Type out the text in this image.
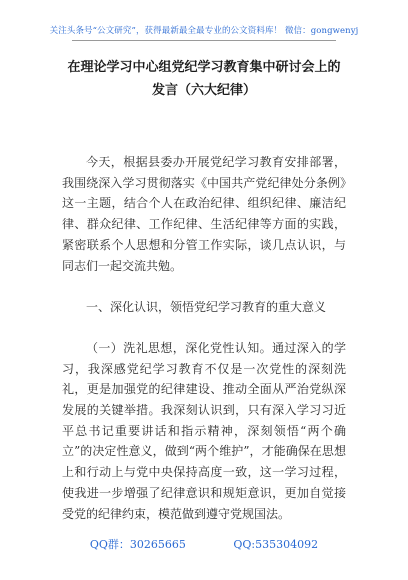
关注头条号“公文研究”，获得最新最全最专业的公文资料库！ 微信：gongwenyj
在理论学习中心组党纪学习教育集中研讨会上的发言（六大纪律）

今天，根据县委办开展党纪学习教育安排部署，我围绕深入学习贯彻落实《中国共产党纪律处分条例》这一主题，结合个人在政治纪律、组织纪律、廉洁纪律、群众纪律、工作纪律、生活纪律等方面的实践，紧密联系个人思想和分管工作实际，谈几点认识，与同志们一起交流共勉。

一、深化认识，领悟党纪学习教育的重大意义

（一）洗礼思想，深化党性认知。通过深入的学习，我深感党纪学习教育不仅是一次党性的深刻洗礼，更是加强党的纪律建设、推动全面从严治党纵深发展的关键举措。我深刻认识到，只有深入学习习近平总书记重要讲话和指示精神，深刻领悟“两个确立”的决定性意义，做到“两个维护”，才能确保在思想上和行动上与党中央保持高度一致，这一学习过程，使我进一步增强了纪律意识和规矩意识，更加自觉接受党的纪律约束，模范做到遵守党规国法。

QQ群：30265665	QQ:535304092
